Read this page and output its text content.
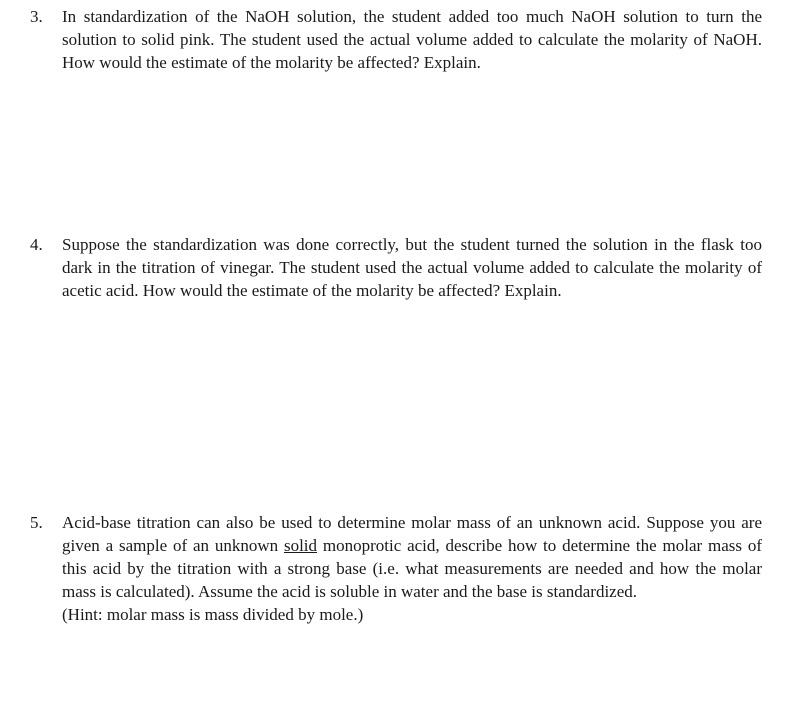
3. In standardization of the NaOH solution, the student added too much NaOH solution to turn the solution to solid pink. The student used the actual volume added to calculate the molarity of NaOH. How would the estimate of the molarity be affected? Explain.

4. Suppose the standardization was done correctly, but the student turned the solution in the flask too dark in the titration of vinegar. The student used the actual volume added to calculate the molarity of acetic acid. How would the estimate of the molarity be affected? Explain.

5. Acid-base titration can also be used to determine molar mass of an unknown acid. Suppose you are given a sample of an unknown solid monoprotic acid, describe how to determine the molar mass of this acid by the titration with a strong base (i.e. what measurements are needed and how the molar mass is calculated). Assume the acid is soluble in water and the base is standardized.

(Hint: molar mass is mass divided by mole.)
